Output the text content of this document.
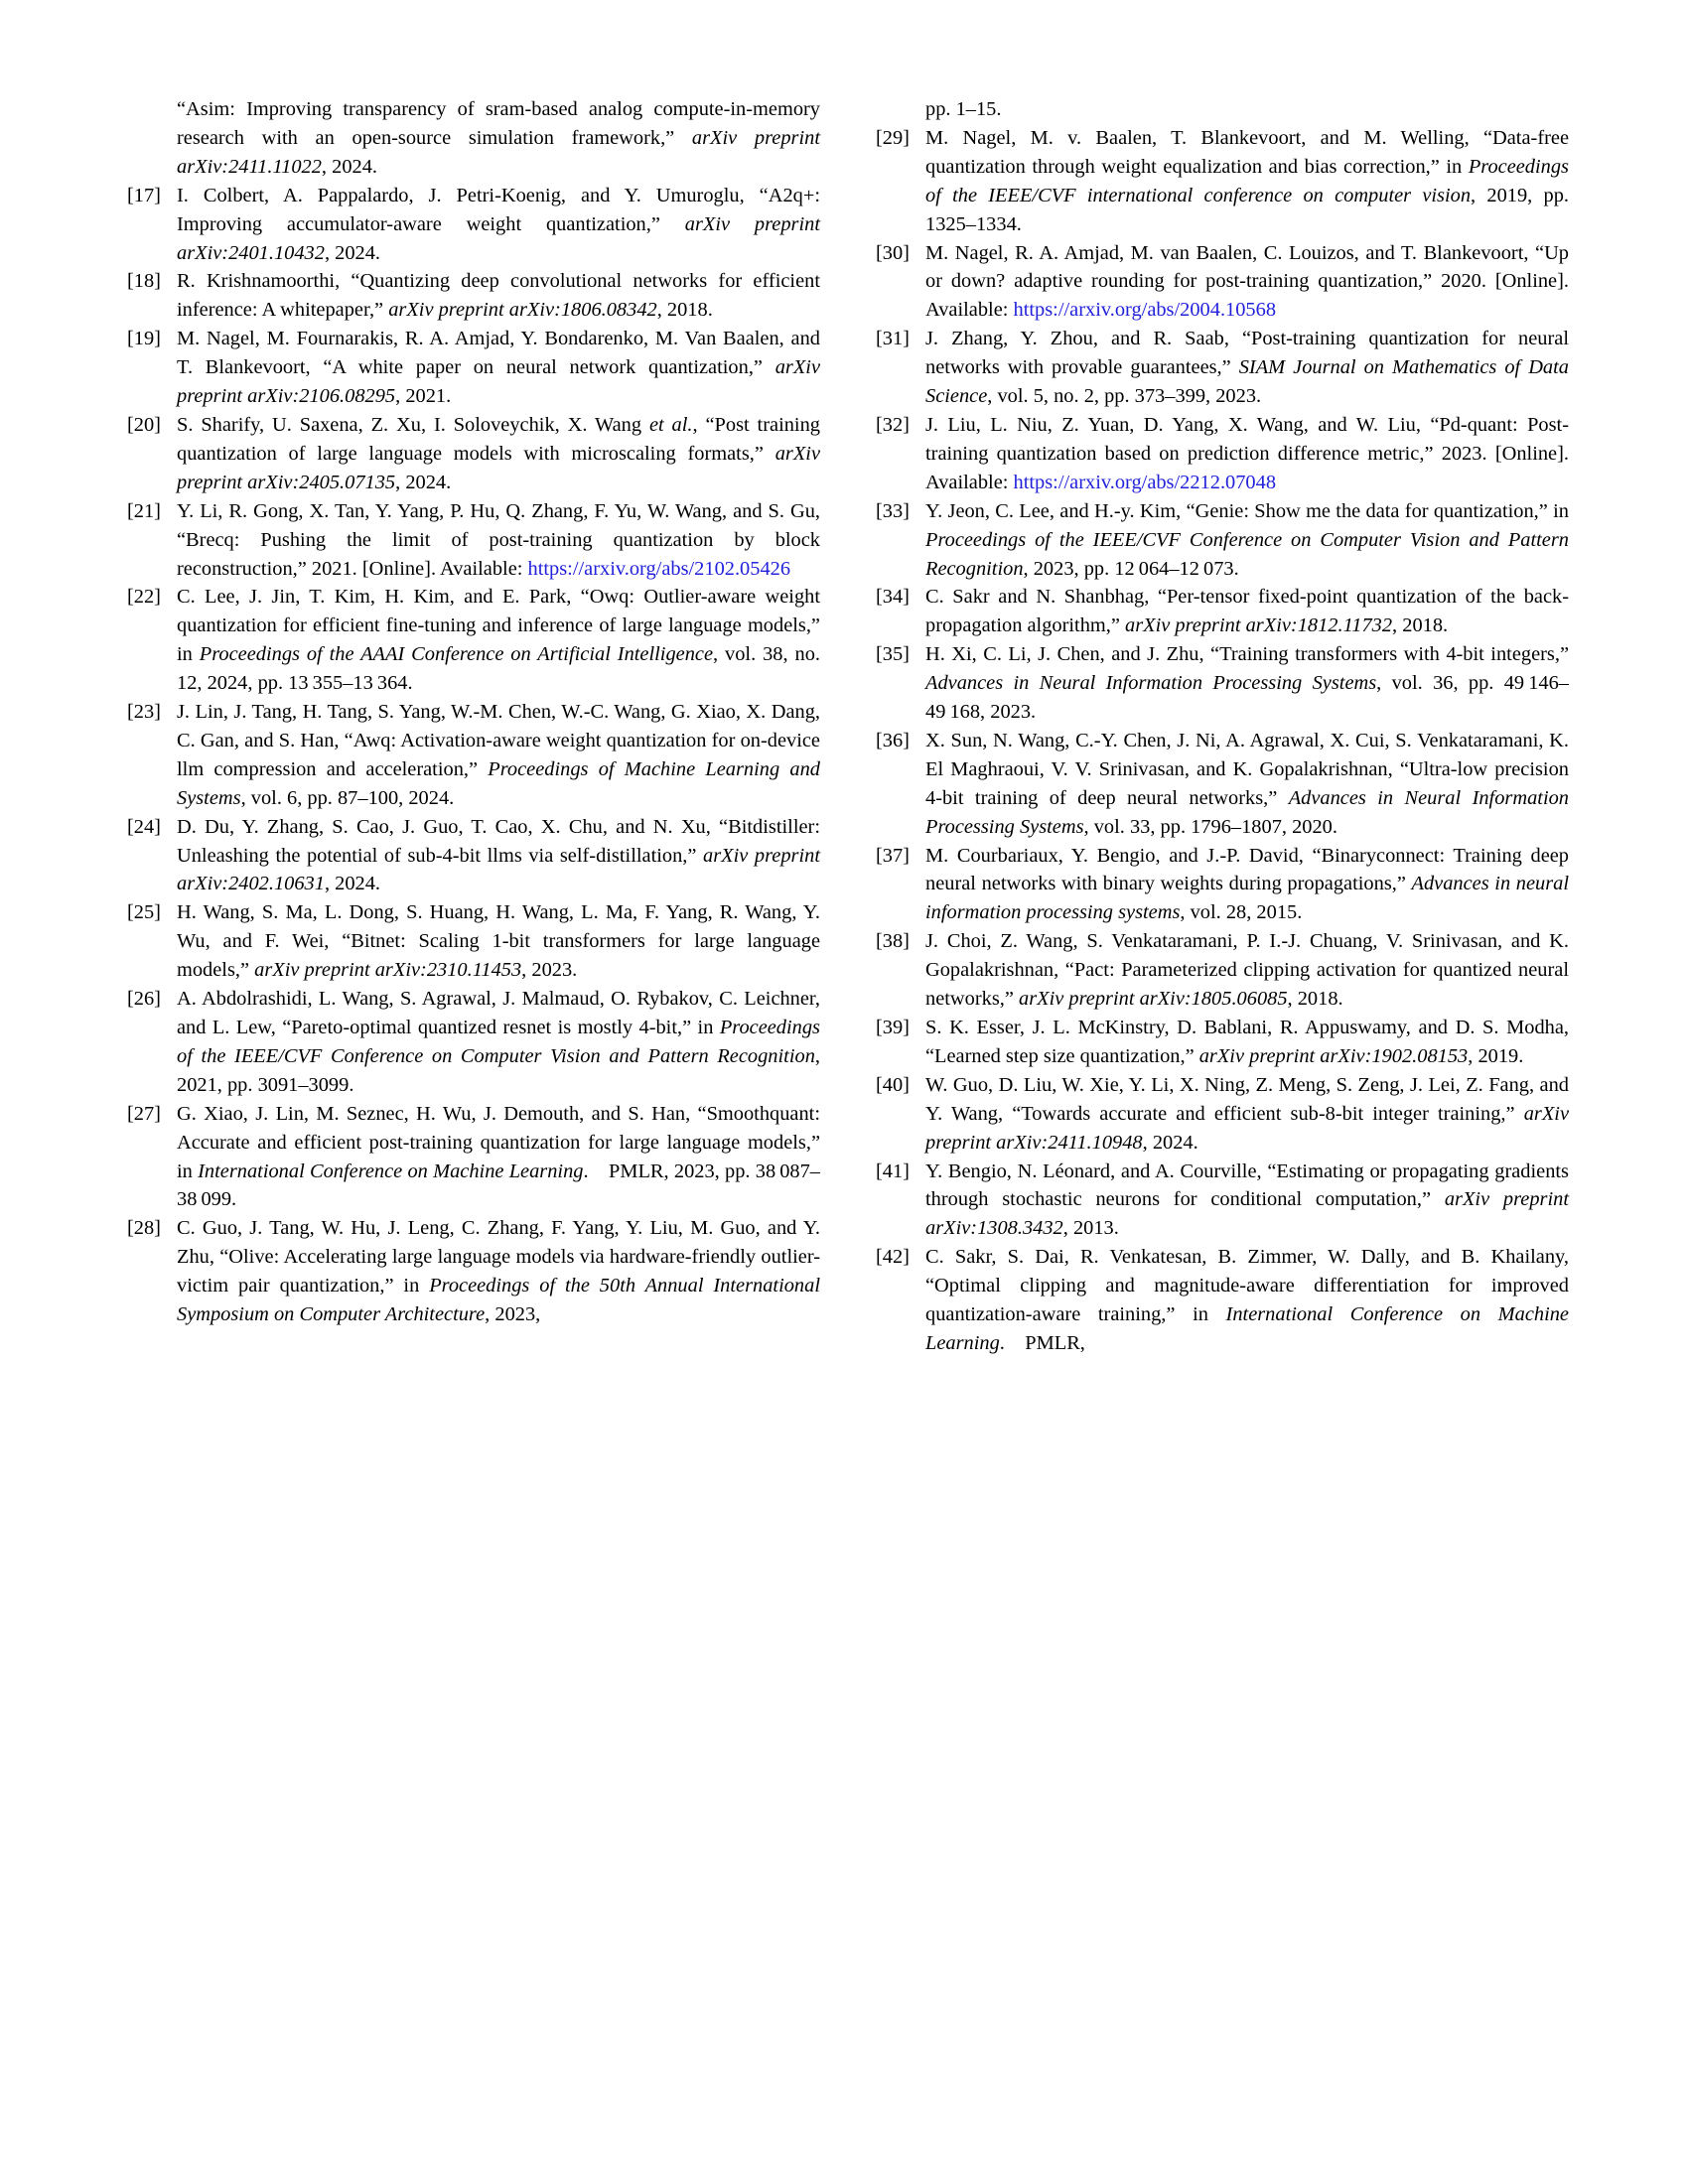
“Asim: Improving transparency of sram-based analog compute-in-memory research with an open-source simulation framework,” arXiv preprint arXiv:2411.11022, 2024.
[17] I. Colbert, A. Pappalardo, J. Petri-Koenig, and Y. Umuroglu, “A2q+: Improving accumulator-aware weight quantization,” arXiv preprint arXiv:2401.10432, 2024.
[18] R. Krishnamoorthi, “Quantizing deep convolutional networks for efficient inference: A whitepaper,” arXiv preprint arXiv:1806.08342, 2018.
[19] M. Nagel, M. Fournarakis, R. A. Amjad, Y. Bondarenko, M. Van Baalen, and T. Blankevoort, “A white paper on neural network quantization,” arXiv preprint arXiv:2106.08295, 2021.
[20] S. Sharify, U. Saxena, Z. Xu, I. Soloveychik, X. Wang et al., “Post training quantization of large language models with microscaling formats,” arXiv preprint arXiv:2405.07135, 2024.
[21] Y. Li, R. Gong, X. Tan, Y. Yang, P. Hu, Q. Zhang, F. Yu, W. Wang, and S. Gu, “Brecq: Pushing the limit of post-training quantization by block reconstruction,” 2021. [Online]. Available: https://arxiv.org/abs/2102.05426
[22] C. Lee, J. Jin, T. Kim, H. Kim, and E. Park, “Owq: Outlier-aware weight quantization for efficient fine-tuning and inference of large language models,” in Proceedings of the AAAI Conference on Artificial Intelligence, vol. 38, no. 12, 2024, pp. 13 355–13 364.
[23] J. Lin, J. Tang, H. Tang, S. Yang, W.-M. Chen, W.-C. Wang, G. Xiao, X. Dang, C. Gan, and S. Han, “Awq: Activation-aware weight quantization for on-device llm compression and acceleration,” Proceedings of Machine Learning and Systems, vol. 6, pp. 87–100, 2024.
[24] D. Du, Y. Zhang, S. Cao, J. Guo, T. Cao, X. Chu, and N. Xu, “Bitdistiller: Unleashing the potential of sub-4-bit llms via self-distillation,” arXiv preprint arXiv:2402.10631, 2024.
[25] H. Wang, S. Ma, L. Dong, S. Huang, H. Wang, L. Ma, F. Yang, R. Wang, Y. Wu, and F. Wei, “Bitnet: Scaling 1-bit transformers for large language models,” arXiv preprint arXiv:2310.11453, 2023.
[26] A. Abdolrashidi, L. Wang, S. Agrawal, J. Malmaud, O. Rybakov, C. Leichner, and L. Lew, “Pareto-optimal quantized resnet is mostly 4-bit,” in Proceedings of the IEEE/CVF Conference on Computer Vision and Pattern Recognition, 2021, pp. 3091–3099.
[27] G. Xiao, J. Lin, M. Seznec, H. Wu, J. Demouth, and S. Han, “Smoothquant: Accurate and efficient post-training quantization for large language models,” in International Conference on Machine Learning. PMLR, 2023, pp. 38 087–38 099.
[28] C. Guo, J. Tang, W. Hu, J. Leng, C. Zhang, F. Yang, Y. Liu, M. Guo, and Y. Zhu, “Olive: Accelerating large language models via hardware-friendly outlier-victim pair quantization,” in Proceedings of the 50th Annual International Symposium on Computer Architecture, 2023,
pp. 1–15.
[29] M. Nagel, M. v. Baalen, T. Blankevoort, and M. Welling, “Data-free quantization through weight equalization and bias correction,” in Proceedings of the IEEE/CVF international conference on computer vision, 2019, pp. 1325–1334.
[30] M. Nagel, R. A. Amjad, M. van Baalen, C. Louizos, and T. Blankevoort, “Up or down? adaptive rounding for post-training quantization,” 2020. [Online]. Available: https://arxiv.org/abs/2004.10568
[31] J. Zhang, Y. Zhou, and R. Saab, “Post-training quantization for neural networks with provable guarantees,” SIAM Journal on Mathematics of Data Science, vol. 5, no. 2, pp. 373–399, 2023.
[32] J. Liu, L. Niu, Z. Yuan, D. Yang, X. Wang, and W. Liu, “Pd-quant: Post-training quantization based on prediction difference metric,” 2023. [Online]. Available: https://arxiv.org/abs/2212.07048
[33] Y. Jeon, C. Lee, and H.-y. Kim, “Genie: Show me the data for quantization,” in Proceedings of the IEEE/CVF Conference on Computer Vision and Pattern Recognition, 2023, pp. 12 064–12 073.
[34] C. Sakr and N. Shanbhag, “Per-tensor fixed-point quantization of the back-propagation algorithm,” arXiv preprint arXiv:1812.11732, 2018.
[35] H. Xi, C. Li, J. Chen, and J. Zhu, “Training transformers with 4-bit integers,” Advances in Neural Information Processing Systems, vol. 36, pp. 49 146–49 168, 2023.
[36] X. Sun, N. Wang, C.-Y. Chen, J. Ni, A. Agrawal, X. Cui, S. Venkataramani, K. El Maghraoui, V. V. Srinivasan, and K. Gopalakrishnan, “Ultra-low precision 4-bit training of deep neural networks,” Advances in Neural Information Processing Systems, vol. 33, pp. 1796–1807, 2020.
[37] M. Courbariaux, Y. Bengio, and J.-P. David, “Binaryconnect: Training deep neural networks with binary weights during propagations,” Advances in neural information processing systems, vol. 28, 2015.
[38] J. Choi, Z. Wang, S. Venkataramani, P. I.-J. Chuang, V. Srinivasan, and K. Gopalakrishnan, “Pact: Parameterized clipping activation for quantized neural networks,” arXiv preprint arXiv:1805.06085, 2018.
[39] S. K. Esser, J. L. McKinstry, D. Bablani, R. Appuswamy, and D. S. Modha, “Learned step size quantization,” arXiv preprint arXiv:1902.08153, 2019.
[40] W. Guo, D. Liu, W. Xie, Y. Li, X. Ning, Z. Meng, S. Zeng, J. Lei, Z. Fang, and Y. Wang, “Towards accurate and efficient sub-8-bit integer training,” arXiv preprint arXiv:2411.10948, 2024.
[41] Y. Bengio, N. Léonard, and A. Courville, “Estimating or propagating gradients through stochastic neurons for conditional computation,” arXiv preprint arXiv:1308.3432, 2013.
[42] C. Sakr, S. Dai, R. Venkatesan, B. Zimmer, W. Dally, and B. Khailany, “Optimal clipping and magnitude-aware differentiation for improved quantization-aware training,” in International Conference on Machine Learning. PMLR,
